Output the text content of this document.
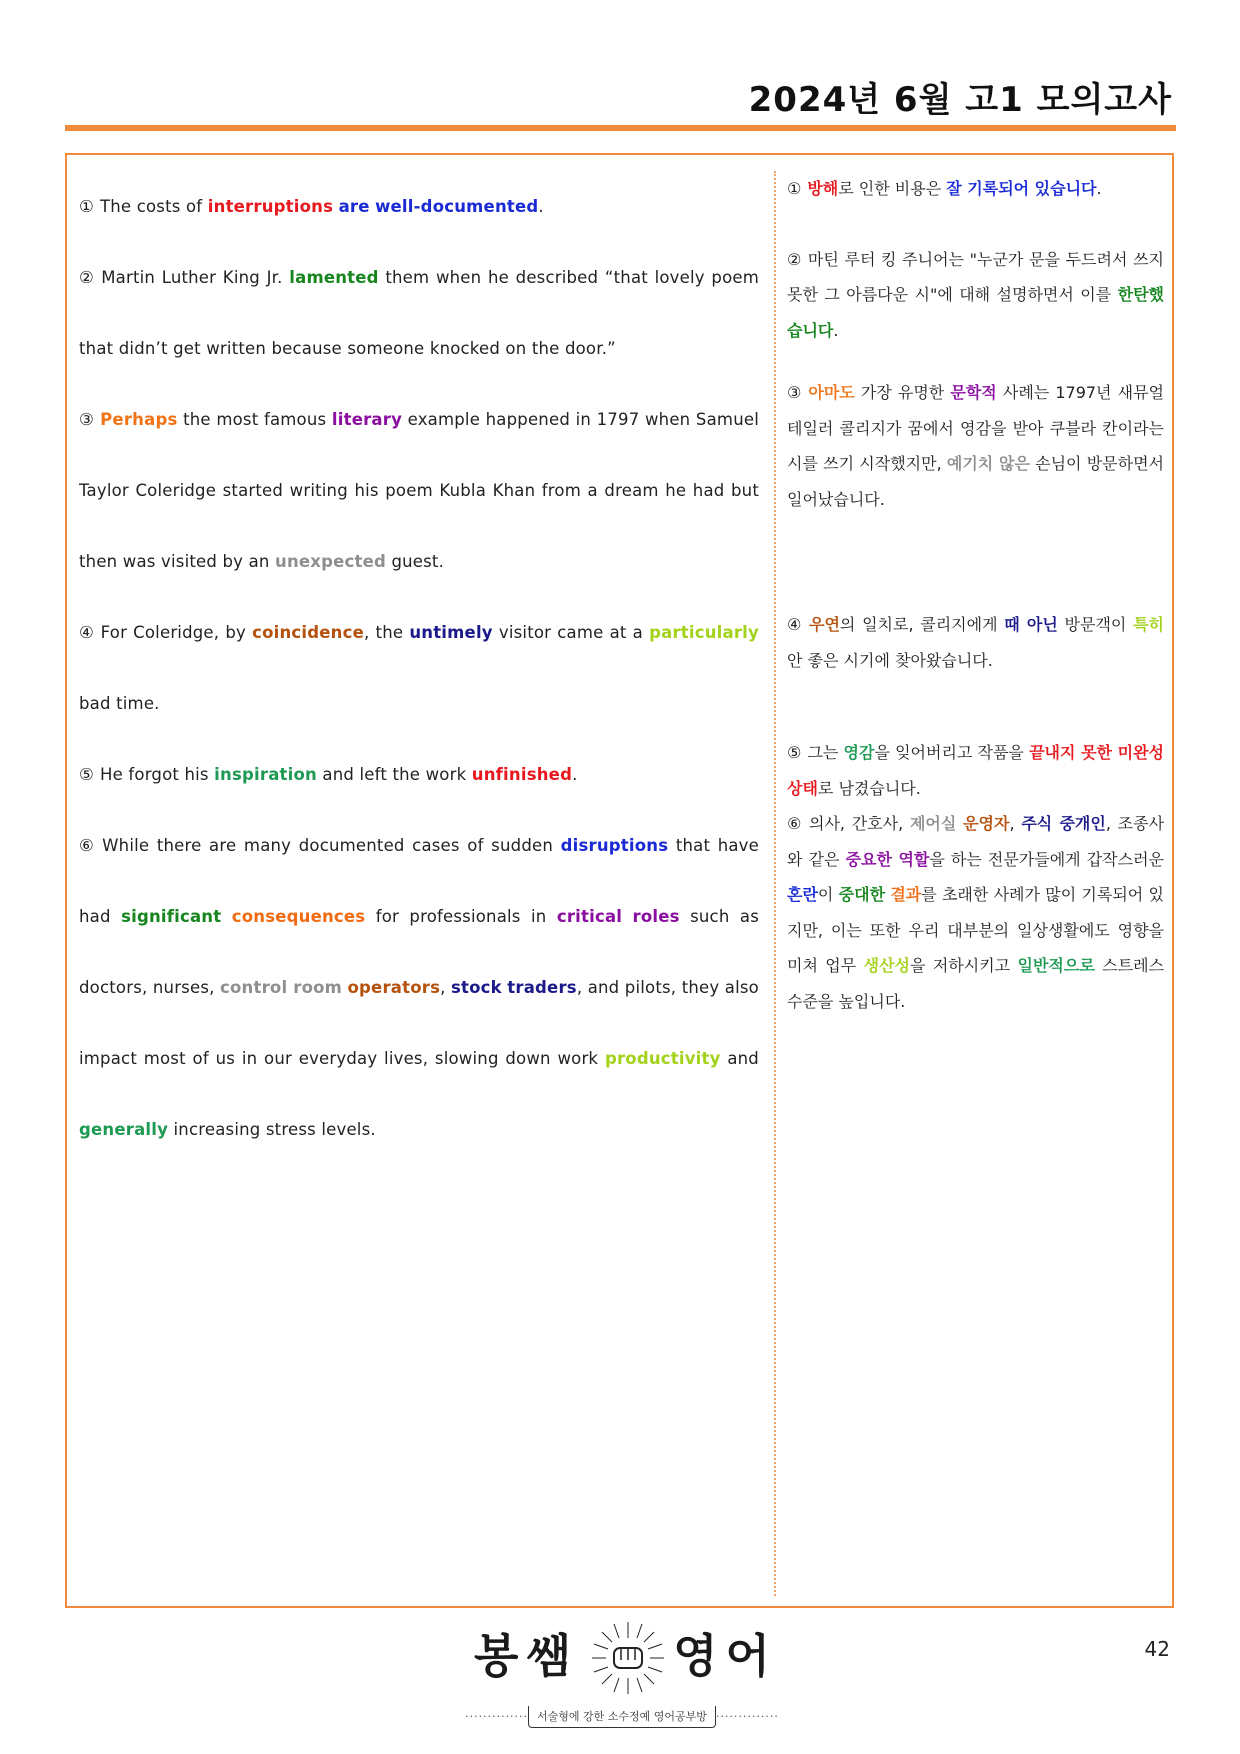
2024년 6월 고1 모의고사

① The costs of interruptions are well-documented.

② Martin Luther King Jr. lamented them when he described “that lovely poem that didn’t get written because someone knocked on the door.”

③ Perhaps the most famous literary example happened in 1797 when Samuel Taylor Coleridge started writing his poem Kubla Khan from a dream he had but then was visited by an unexpected guest.

④ For Coleridge, by coincidence, the untimely visitor came at a particularly bad time.

⑤ He forgot his inspiration and left the work unfinished.

⑥ While there are many documented cases of sudden disruptions that have had significant consequences for professionals in critical roles such as doctors, nurses, control room operators, stock traders, and pilots, they also impact most of us in our everyday lives, slowing down work productivity and generally increasing stress levels.

① 방해로 인한 비용은 잘 기록되어 있습니다.

② 마틴 루터 킹 주니어는 "누군가 문을 두드려서 쓰지 못한 그 아름다운 시"에 대해 설명하면서 이를 한탄했습니다.

③ 아마도 가장 유명한 문학적 사례는 1797년 새뮤얼 테일러 콜리지가 꿈에서 영감을 받아 쿠블라 칸이라는 시를 쓰기 시작했지만, 예기치 않은 손님이 방문하면서 일어났습니다.

④ 우연의 일치로, 콜리지에게 때 아닌 방문객이 특히 안 좋은 시기에 찾아왔습니다.

⑤ 그는 영감을 잊어버리고 작품을 끝내지 못한 미완성 상태로 남겼습니다.

⑥ 의사, 간호사, 제어실 운영자, 주식 중개인, 조종사와 같은 중요한 역할을 하는 전문가들에게 갑작스러운 혼란이 중대한 결과를 초래한 사례가 많이 기록되어 있지만, 이는 또한 우리 대부분의 일상생활에도 영향을 미쳐 업무 생산성을 저하시키고 일반적으로 스트레스 수준을 높입니다.

봉쌤 영어
·············· 서술형에 강한 소수정예 영어공부방 ··············
42
